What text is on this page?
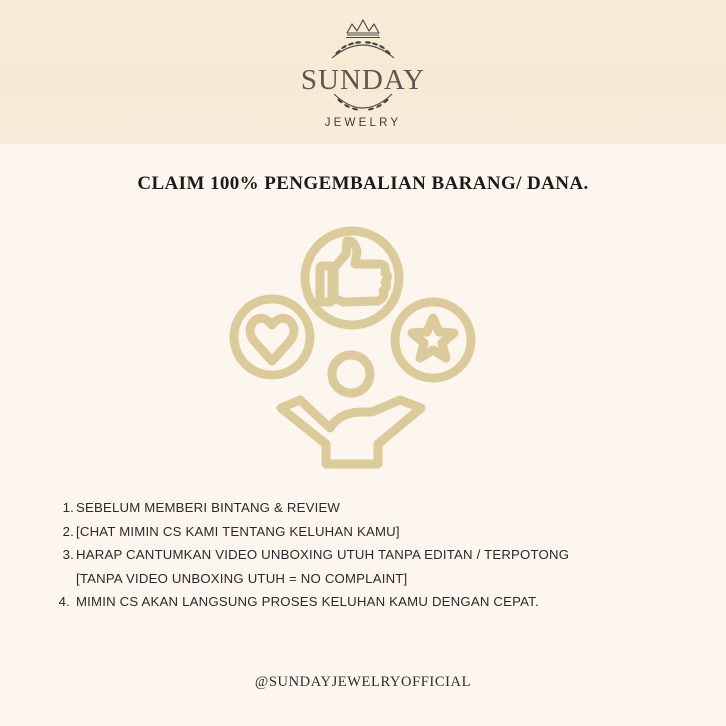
SUNDAY
JEWELRY
CLAIM 100% PENGEMBALIAN BARANG/ DANA.
1. SEBELUM MEMBERI BINTANG & REVIEW
2. [CHAT MIMIN CS KAMI TENTANG KELUHAN KAMU]
3. HARAP CANTUMKAN VIDEO UNBOXING UTUH TANPA EDITAN / TERPOTONG
[TANPA VIDEO UNBOXING UTUH = NO COMPLAINT]
4. MIMIN CS AKAN LANGSUNG PROSES KELUHAN KAMU DENGAN CEPAT.
@SUNDAYJEWELRYOFFICIAL
